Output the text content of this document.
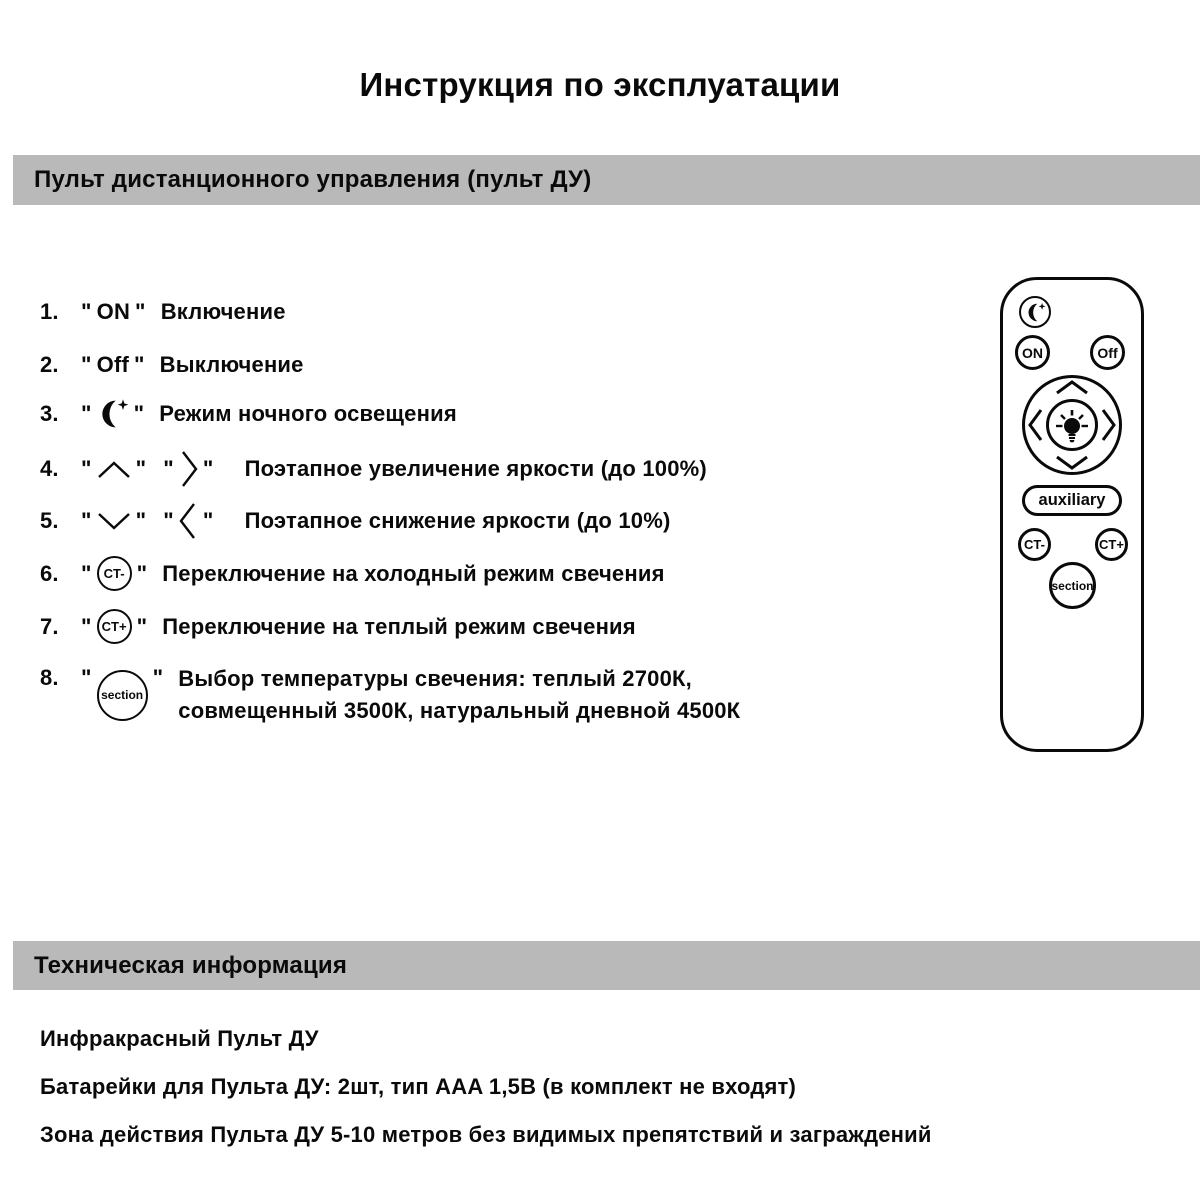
Инструкция по эксплуатации
Пульт дистанционного управления (пульт ДУ)
1.	" ON " Включение
2.	" Off " Выключение
3.	" " Режим ночного освещения
4.	" " " " Поэтапное увеличение яркости (до 100%)
5.	" " " " Поэтапное снижение яркости (до 10%)
6.	" CT- " Переключение на холодный режим свечения
7.	" CT+ " Переключение на теплый режим свечения
8.	"
section
" Выбор температуры свечения: теплый 2700К,
совмещенный 3500К, натуральный дневной 4500К
ON	Off
auxiliary
CT-	CT+
section
Техническая информация
Инфракрасный Пульт ДУ
Батарейки для Пульта ДУ: 2шт, тип AAA 1,5В (в комплект не входят)
Зона действия Пульта ДУ 5-10 метров без видимых препятствий и заграждений
